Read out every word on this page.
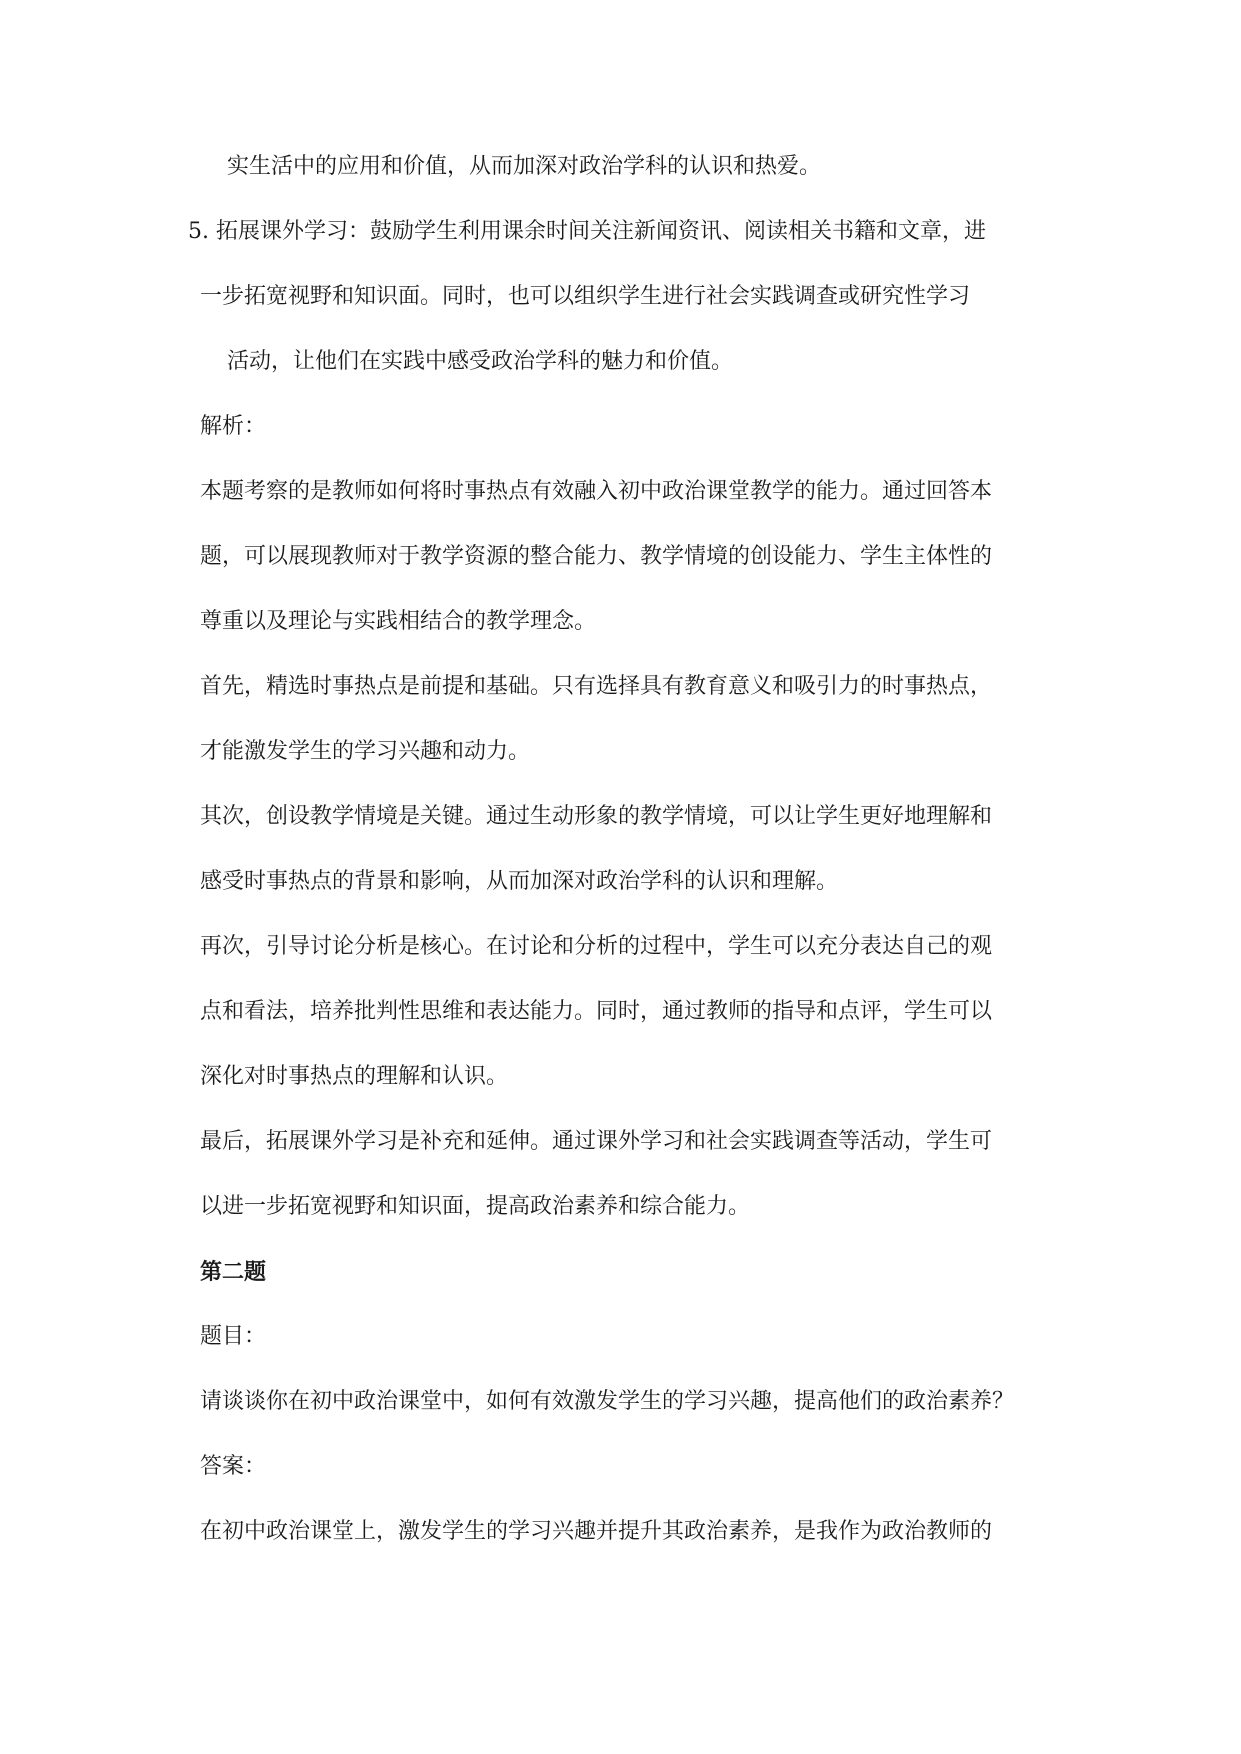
实生活中的应用和价值，从而加深对政治学科的认识和热爱。
5. 拓展课外学习：鼓励学生利用课余时间关注新闻资讯、阅读相关书籍和文章，进
一步拓宽视野和知识面。同时，也可以组织学生进行社会实践调查或研究性学习
活动，让他们在实践中感受政治学科的魅力和价值。
解析：
本题考察的是教师如何将时事热点有效融入初中政治课堂教学的能力。通过回答本
题，可以展现教师对于教学资源的整合能力、教学情境的创设能力、学生主体性的
尊重以及理论与实践相结合的教学理念。
首先，精选时事热点是前提和基础。只有选择具有教育意义和吸引力的时事热点，
才能激发学生的学习兴趣和动力。
其次，创设教学情境是关键。通过生动形象的教学情境，可以让学生更好地理解和
感受时事热点的背景和影响，从而加深对政治学科的认识和理解。
再次，引导讨论分析是核心。在讨论和分析的过程中，学生可以充分表达自己的观
点和看法，培养批判性思维和表达能力。同时，通过教师的指导和点评，学生可以
深化对时事热点的理解和认识。
最后，拓展课外学习是补充和延伸。通过课外学习和社会实践调查等活动，学生可
以进一步拓宽视野和知识面，提高政治素养和综合能力。
第二题
题目：
请谈谈你在初中政治课堂中，如何有效激发学生的学习兴趣，提高他们的政治素养？
答案：
在初中政治课堂上，激发学生的学习兴趣并提升其政治素养，是我作为政治教师的
